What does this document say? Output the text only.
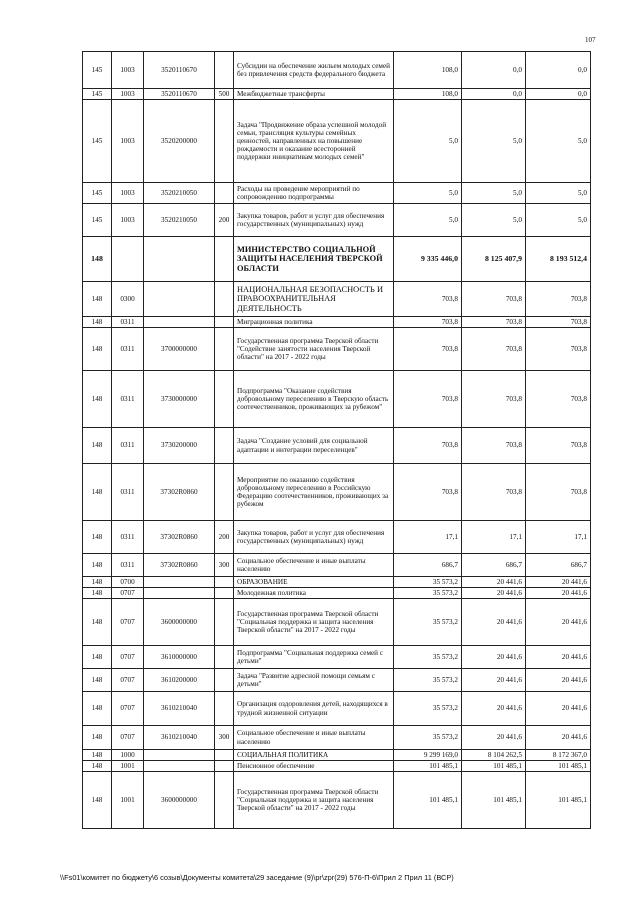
107
145	1003	3520110670		Субсидии на обеспечение жильем молодых семей без привлечения средств федерального бюджета	108,0	0,0	0,0
145	1003	3520110670	500	Межбюджетные трансферты	108,0	0,0	0,0
145	1003	3520200000		Задача "Продвижение образа успешной молодой семьи, трансляция культуры семейных ценностей, направленных на повышение рождаемости и оказание всесторонней поддержки инициативам молодых семей"	5,0	5,0	5,0
145	1003	3520210050		Расходы на проведение мероприятий по сопровождению подпрограммы	5,0	5,0	5,0
145	1003	3520210050	200	Закупка товаров, работ и услуг для обеспечения государственных (муниципальных) нужд	5,0	5,0	5,0
148				МИНИСТЕРСТВО СОЦИАЛЬНОЙ ЗАЩИТЫ НАСЕЛЕНИЯ ТВЕРСКОЙ ОБЛАСТИ	9 335 446,0	8 125 407,9	8 193 512,4
148	0300			НАЦИОНАЛЬНАЯ БЕЗОПАСНОСТЬ И ПРАВООХРАНИТЕЛЬНАЯ ДЕЯТЕЛЬНОСТЬ	703,8	703,8	703,8
148	0311			Миграционная политика	703,8	703,8	703,8
148	0311	3700000000		Государственная программа Тверской области "Содействие занятости населения Тверской области" на 2017 - 2022 годы	703,8	703,8	703,8
148	0311	3730000000		Подпрограмма "Оказание содействия добровольному переселению в Тверскую область соотечественников, проживающих за рубежом"	703,8	703,8	703,8
148	0311	3730200000		Задача "Создание условий для социальной адаптации и интеграции переселенцев"	703,8	703,8	703,8
148	0311	37302R0860		Мероприятие по оказанию содействия добровольному переселению в Российскую Федерацию соотечественников, проживающих за рубежом	703,8	703,8	703,8
148	0311	37302R0860	200	Закупка товаров, работ и услуг для обеспечения государственных (муниципальных) нужд	17,1	17,1	17,1
148	0311	37302R0860	300	Социальное обеспечение и иные выплаты населению	686,7	686,7	686,7
148	0700			ОБРАЗОВАНИЕ	35 573,2	20 441,6	20 441,6
148	0707			Молодежная политика	35 573,2	20 441,6	20 441,6
148	0707	3600000000		Государственная программа Тверской области "Социальная поддержка и защита населения Тверской области" на 2017 - 2022 годы	35 573,2	20 441,6	20 441,6
148	0707	3610000000		Подпрограмма "Социальная поддержка семей с детьми"	35 573,2	20 441,6	20 441,6
148	0707	3610200000		Задача "Развитие адресной помощи семьям с детьми"	35 573,2	20 441,6	20 441,6
148	0707	3610210040		Организация оздоровления детей, находящихся в трудной жизненной ситуации	35 573,2	20 441,6	20 441,6
148	0707	3610210040	300	Социальное обеспечение и иные выплаты населению	35 573,2	20 441,6	20 441,6
148	1000			СОЦИАЛЬНАЯ ПОЛИТИКА	9 299 169,0	8 104 262,5	8 172 367,0
148	1001			Пенсионное обеспечение	101 485,1	101 485,1	101 485,1
148	1001	3600000000		Государственная программа Тверской области "Социальная поддержка и защита населения Тверской области" на 2017 - 2022 годы	101 485,1	101 485,1	101 485,1
\\Fs01\комитет по бюджету\6 созыв\Документы комитета\29 заседание (9)\pr\zpr(29) 576-П-6\Прил 2 Прил 11 (ВСР)
